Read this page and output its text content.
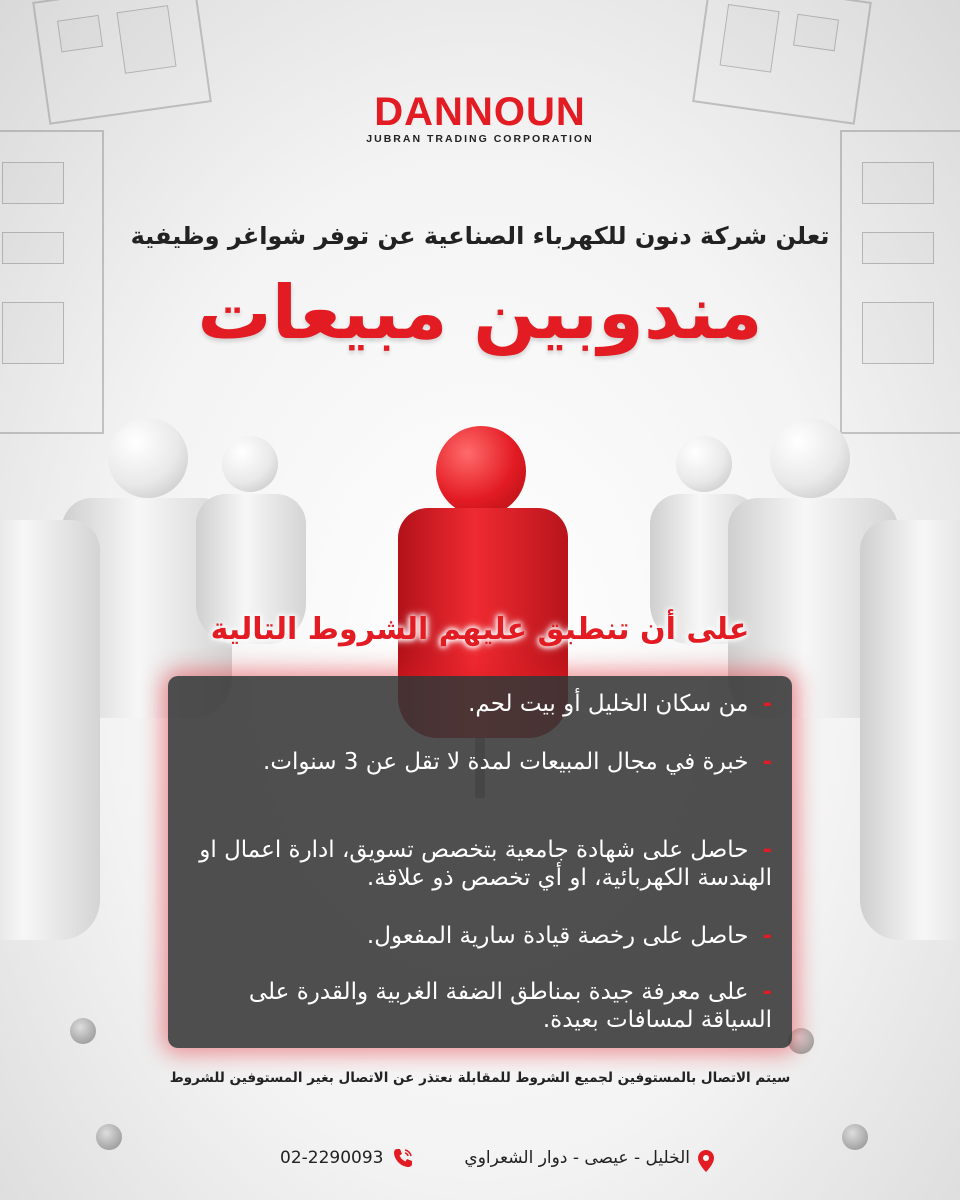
DANNOUN
JUBRAN TRADING CORPORATION
تعلن شركة دنون للكهرباء الصناعية عن توفر شواغر وظيفية
مندوبين مبيعات
على أن تنطبق عليهم الشروط التالية
-من سكان الخليل أو بيت لحم.
-خبرة في مجال المبيعات لمدة لا تقل عن 3 سنوات.
-حاصل على شهادة جامعية بتخصص تسويق، ادارة اعمال او الهندسة الكهربائية، او أي تخصص ذو علاقة.
-حاصل على رخصة قيادة سارية المفعول.
-على معرفة جيدة بمناطق الضفة الغربية والقدرة على السياقة لمسافات بعيدة.
سيتم الاتصال بالمستوفين لجميع الشروط للمقابلة نعتذر عن الاتصال بغير المستوفين للشروط
الخليل - عيصى - دوار الشعراوي
02-2290093
